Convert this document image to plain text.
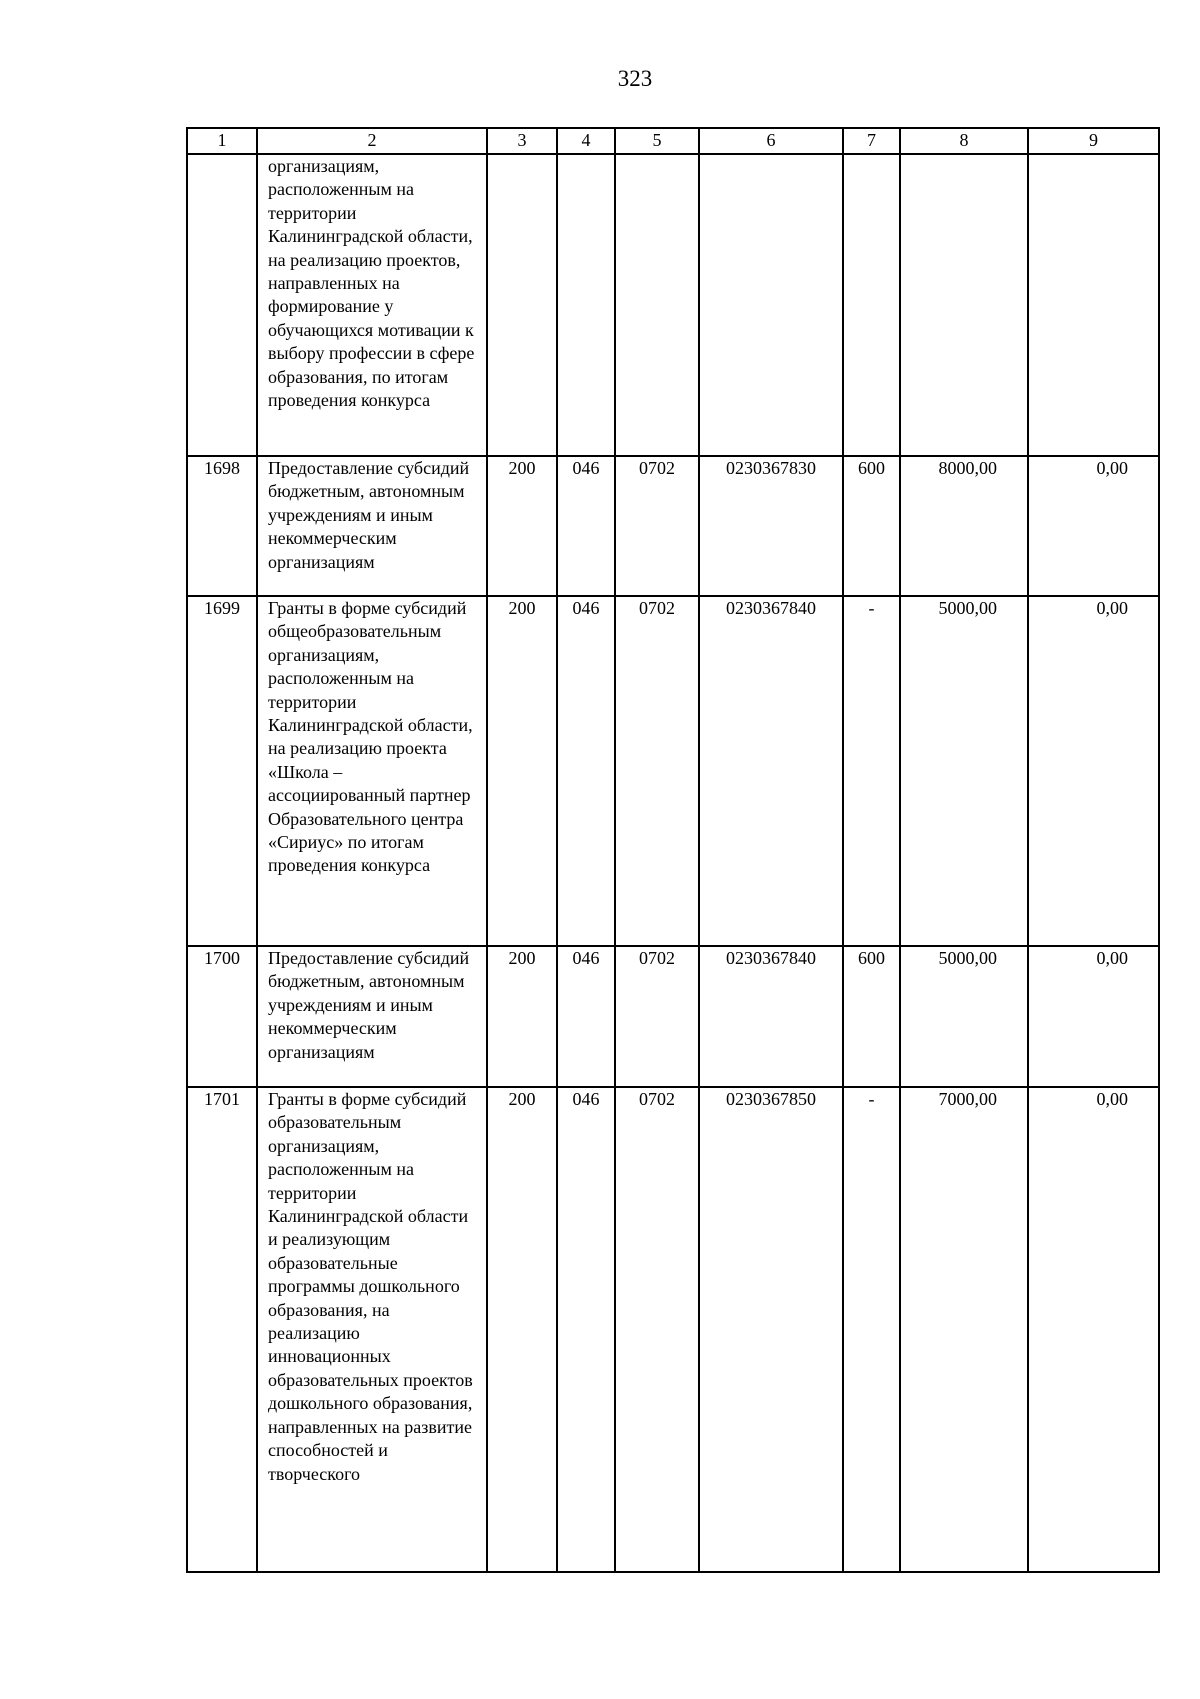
323
1	2	3	4	5	6	7	8	9
	организациям, расположенным на территории Калининградской области, на реализацию проектов, направленных на формирование у обучающихся мотивации к выбору профессии в сфере образования, по итогам проведения конкурса							
1698	Предоставление субсидий бюджетным, автономным учреждениям и иным некоммерческим организациям	200	046	0702	0230367830	600	8000,00	0,00
1699	Гранты в форме субсидий общеобразовательным организациям, расположенным на территории Калининградской области, на реализацию проекта «Школа – ассоциированный партнер Образовательного центра «Сириус» по итогам проведения конкурса	200	046	0702	0230367840	-	5000,00	0,00
1700	Предоставление субсидий бюджетным, автономным учреждениям и иным некоммерческим организациям	200	046	0702	0230367840	600	5000,00	0,00
1701	Гранты в форме субсидий образовательным организациям, расположенным на территории Калининградской области и реализующим образовательные программы дошкольного образования, на реализацию инновационных образовательных проектов дошкольного образования, направленных на развитие способностей и творческого	200	046	0702	0230367850	-	7000,00	0,00
